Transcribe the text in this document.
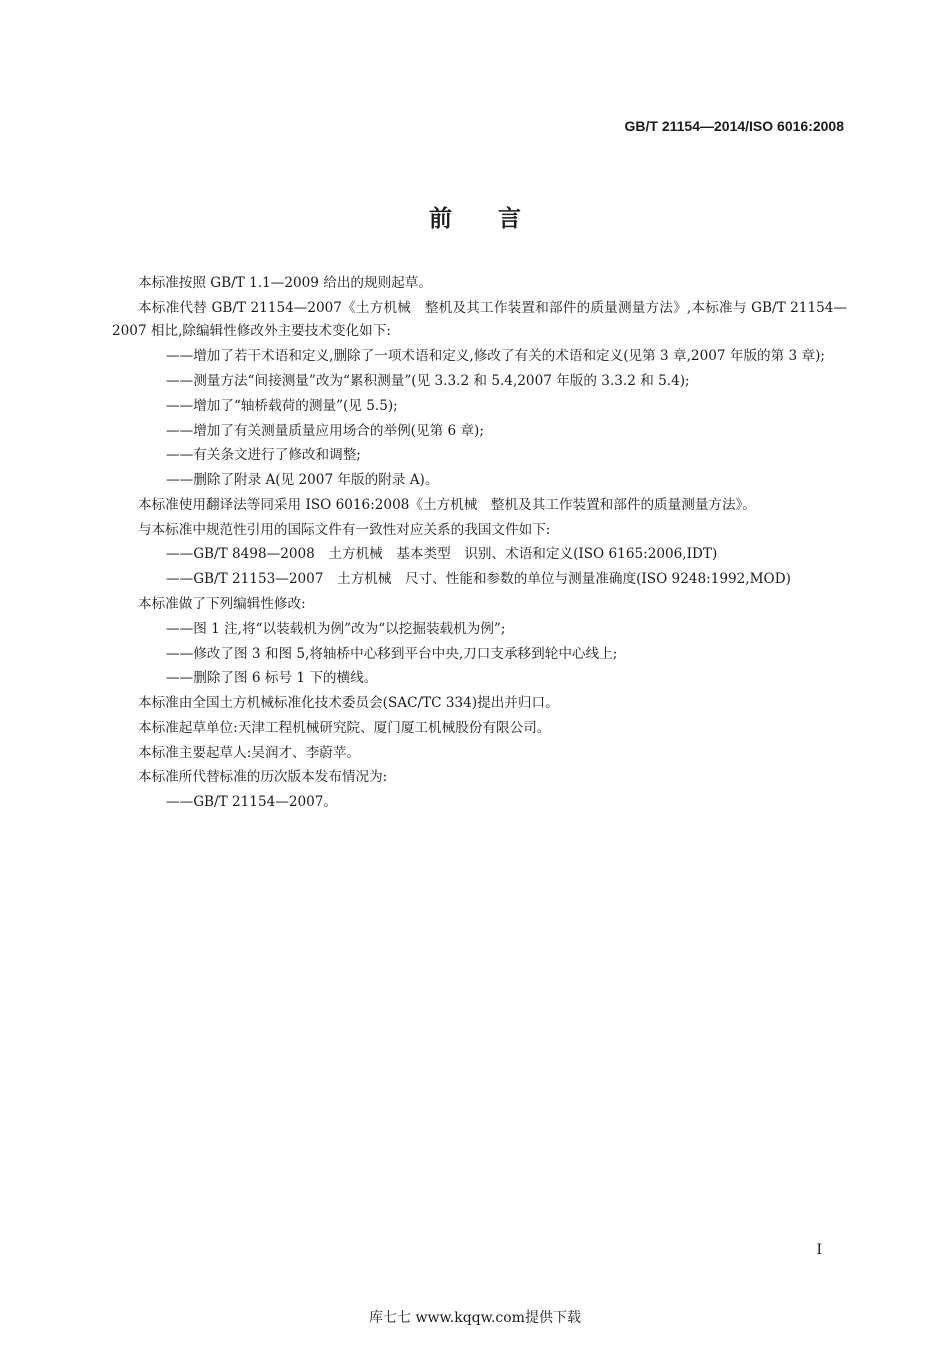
GB/T 21154—2014/ISO 6016:2008
前言

本标准按照 GB/T 1.1—2009 给出的规则起草。

本标准代替 GB/T 21154—2007《土方机械　整机及其工作装置和部件的质量测量方法》,本标准与 GB/T 21154—2007 相比,除编辑性修改外主要技术变化如下:

——增加了若干术语和定义,删除了一项术语和定义,修改了有关的术语和定义(见第 3 章,2007 年版的第 3 章);

——测量方法“间接测量”改为“累积测量”(见 3.3.2 和 5.4,2007 年版的 3.3.2 和 5.4);

——增加了“轴桥载荷的测量”(见 5.5);

——增加了有关测量质量应用场合的举例(见第 6 章);

——有关条文进行了修改和调整;

——删除了附录 A(见 2007 年版的附录 A)。

本标准使用翻译法等同采用 ISO 6016:2008《土方机械　整机及其工作装置和部件的质量测量方法》。

与本标准中规范性引用的国际文件有一致性对应关系的我国文件如下:

——GB/T 8498—2008　土方机械　基本类型　识别、术语和定义(ISO 6165:2006,IDT)

——GB/T 21153—2007　土方机械　尺寸、性能和参数的单位与测量准确度(ISO 9248:1992,MOD)

本标准做了下列编辑性修改:

——图 1 注,将“以装载机为例”改为“以挖掘装载机为例”;

——修改了图 3 和图 5,将轴桥中心移到平台中央,刀口支承移到轮中心线上;

——删除了图 6 标号 1 下的横线。

本标准由全国土方机械标准化技术委员会(SAC/TC 334)提出并归口。

本标准起草单位:天津工程机械研究院、厦门厦工机械股份有限公司。

本标准主要起草人:吴润才、李蔚苹。

本标准所代替标准的历次版本发布情况为:

——GB/T 21154—2007。

I
库七七 www.kqqw.com提供下载
